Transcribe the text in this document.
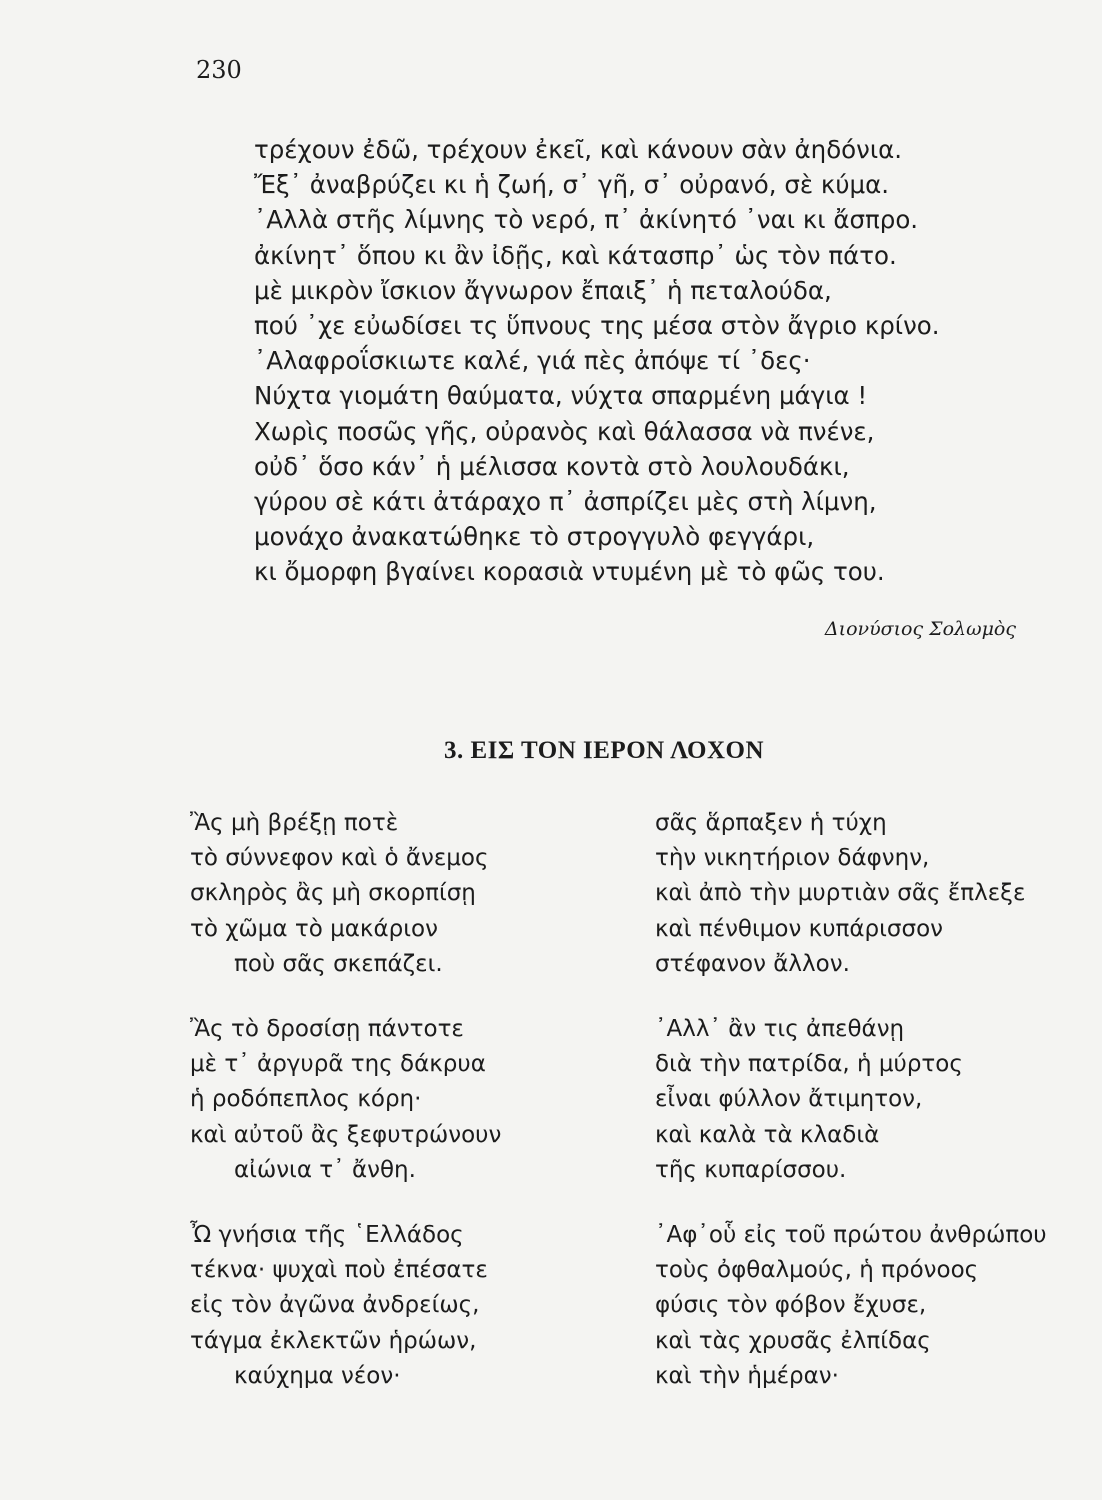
230
τρέχουν ἐδῶ, τρέχουν ἐκεῖ, καὶ κάνουν σὰν ἀηδόνια.
Ἔξ᾽ ἀναβρύζει κι ἡ ζωή, σ᾽ γῆ, σ᾽ οὐρανό, σὲ κύμα.
᾽Αλλὰ στῆς λίμνης τὸ νερό, π᾽ ἀκίνητό ᾽ναι κι ἄσπρο.
ἀκίνητ᾽ ὅπου κι ἂν ἰδῇς, καὶ κάτασπρ᾽ ὡς τὸν πάτο.
μὲ μικρὸν ἴσκιον ἄγνωρον ἔπαιξ᾽ ἡ πεταλούδα,
πού ᾽χε εὐωδίσει τς ὕπνους της μέσα στὸν ἄγριο κρίνο.
᾽Αλαφροΐσκιωτε καλέ, γιά πὲς ἀπόψε τί ᾽δες·
Νύχτα γιομάτη θαύματα, νύχτα σπαρμένη μάγια !
Χωρὶς ποσῶς γῆς, οὐρανὸς καὶ θάλασσα νὰ πνένε,
οὐδ᾽ ὅσο κάν᾽ ἡ μέλισσα κοντὰ στὸ λουλουδάκι,
γύρου σὲ κάτι ἀτάραχο π᾽ ἀσπρίζει μὲς στὴ λίμνη,
μονάχο ἀνακατώθηκε τὸ στρογγυλὸ φεγγάρι,
κι ὄμορφη βγαίνει κορασιὰ ντυμένη μὲ τὸ φῶς του.
Διονύσιος Σολωμὸς
3. ΕΙΣ ΤΟΝ ΙΕΡΟΝ ΛΟΧΟΝ
Ἂς μὴ βρέξῃ ποτὲ
τὸ σύννεφον καὶ ὁ ἄνεμος
σκληρὸς ἂς μὴ σκορπίσῃ
τὸ χῶμα τὸ μακάριον
ποὺ σᾶς σκεπάζει.
σᾶς ἅρπαξεν ἡ τύχη
τὴν νικητήριον δάφνην,
καὶ ἀπὸ τὴν μυρτιὰν σᾶς ἔπλεξε
καὶ πένθιμον κυπάρισσον
στέφανον ἄλλον.
Ἂς τὸ δροσίσῃ πάντοτε
μὲ τ᾽ ἀργυρᾶ της δάκρυα
ἡ ροδόπεπλος κόρη·
καὶ αὐτοῦ ἂς ξεφυτρώνουν
αἰώνια τ᾽ ἄνθη.
᾽Αλλ᾽ ἂν τις ἀπεθάνῃ
διὰ τὴν πατρίδα, ἡ μύρτος
εἶναι φύλλον ἄτιμητον,
καὶ καλὰ τὰ κλαδιὰ
τῆς κυπαρίσσου.
Ὦ γνήσια τῆς ῾Ελλάδος
τέκνα· ψυχαὶ ποὺ ἐπέσατε
εἰς τὸν ἀγῶνα ἀνδρείως,
τάγμα ἐκλεκτῶν ἡρώων,
καύχημα νέον·
᾽Αφ᾽οὗ εἰς τοῦ πρώτου ἀνθρώπου
τοὺς ὀφθαλμούς, ἡ πρόνοος
φύσις τὸν φόβον ἔχυσε,
καὶ τὰς χρυσᾶς ἐλπίδας
καὶ τὴν ἡμέραν·
